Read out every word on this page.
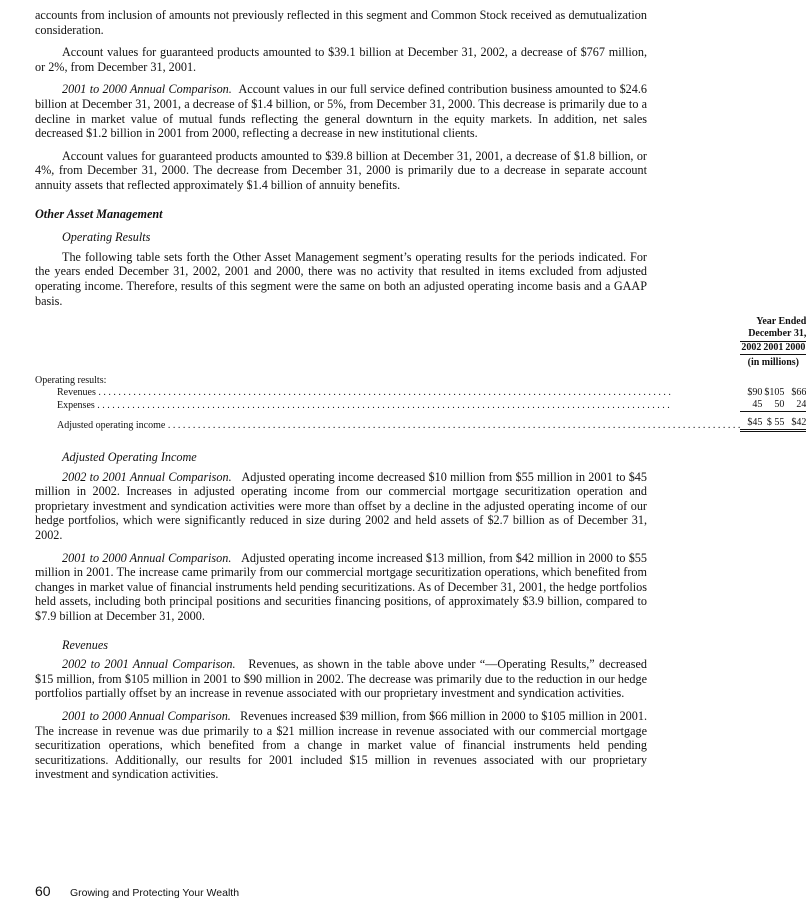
accounts from inclusion of amounts not previously reflected in this segment and Common Stock received as demutualization consideration.

Account values for guaranteed products amounted to $39.1 billion at December 31, 2002, a decrease of $767 million, or 2%, from December 31, 2001.

2001 to 2000 Annual Comparison. Account values in our full service defined contribution business amounted to $24.6 billion at December 31, 2001, a decrease of $1.4 billion, or 5%, from December 31, 2000. This decrease is primarily due to a decline in market value of mutual funds reflecting the general downturn in the equity markets. In addition, net sales decreased $1.2 billion in 2001 from 2000, reflecting a decrease in new institutional clients.

Account values for guaranteed products amounted to $39.8 billion at December 31, 2001, a decrease of $1.8 billion, or 4%, from December 31, 2000. The decrease from December 31, 2000 is primarily due to a decrease in separate account annuity assets that reflected approximately $1.4 billion of annuity benefits.

Other Asset Management
Operating Results

The following table sets forth the Other Asset Management segment’s operating results for the periods indicated. For the years ended December 31, 2002, 2001 and 2000, there was no activity that resulted in items excluded from adjusted operating income. Therefore, results of this segment were the same on both an adjusted operating income basis and a GAAP basis.

		Year Ended December 31,		
		2002		2001		2000
		(in millions)		

Operating results:			
Revenues . . .		$90		$105		$66
Expenses . . .		45		50		24

Adjusted operating income . . .		$45		$ 55		$42
Adjusted Operating Income

2002 to 2001 Annual Comparison. Adjusted operating income decreased $10 million from $55 million in 2001 to $45 million in 2002. Increases in adjusted operating income from our commercial mortgage securitization operation and proprietary investment and syndication activities were more than offset by a decline in the adjusted operating income of our hedge portfolios, which were significantly reduced in size during 2002 and held assets of $2.7 billion as of December 31, 2002.

2001 to 2000 Annual Comparison. Adjusted operating income increased $13 million, from $42 million in 2000 to $55 million in 2001. The increase came primarily from our commercial mortgage securitization operations, which benefited from changes in market value of financial instruments held pending securitizations. As of December 31, 2001, the hedge portfolios held assets, including both principal positions and securities financing positions, of approximately $3.9 billion, compared to $7.9 billion at December 31, 2000.

Revenues

2002 to 2001 Annual Comparison. Revenues, as shown in the table above under “—Operating Results,” decreased $15 million, from $105 million in 2001 to $90 million in 2002. The decrease was primarily due to the reduction in our hedge portfolios partially offset by an increase in revenue associated with our proprietary investment and syndication activities.

2001 to 2000 Annual Comparison. Revenues increased $39 million, from $66 million in 2000 to $105 million in 2001. The increase in revenue was due primarily to a $21 million increase in revenue associated with our commercial mortgage securitization operations, which benefited from a change in market value of financial instruments held pending securitizations. Additionally, our results for 2001 included $15 million in revenues associated with our proprietary investment and syndication activities.

60 Growing and Protecting Your Wealth
